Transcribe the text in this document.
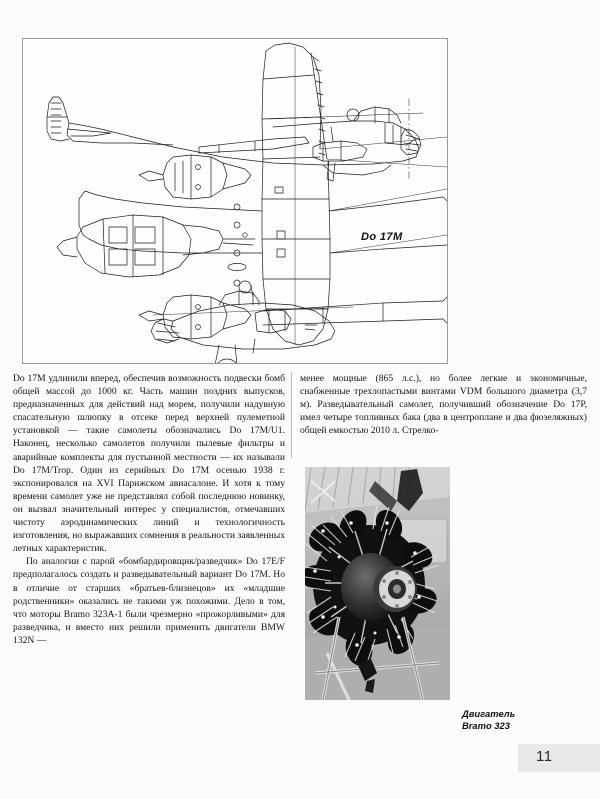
Do 17M

Do 17M удлинили вперед, обеспечив возможность подвески бомб общей массой до 1000 кг. Часть машин поздних выпусков, предназначенных для действий над морем, получили надувную спасательную шлюпку в отсеке перед верхней пулеметной установкой — такие самолеты обозначались Do 17M/U1. Наконец, несколько самолетов получили пылевые фильтры и аварийные комплекты для пустынной местности — их называли Do 17M/Trop. Один из серийных Do 17M осенью 1938 г. экспонировался на XVI Парижском авиасалоне. И хотя к тому времени самолет уже не представлял собой последнюю новинку, он вызвал значительный интерес у специалистов, отмечавших чистоту аэродинамических линий и технологичность изготовления, но выражавших сомнения в реальности заявленных летных характеристик.

По аналогии с парой «бомбардировщик/разведчик» Do 17E/F предполагалось создать и разведывательный вариант Do 17M. Но в отличие от старших «братьев-близнецов» их «младшие родственники» оказались не такими уж похожими. Дело в том, что моторы Bramo 323A-1 были чрезмерно «прожорливыми» для разведчика, и вместо них решили применить двигатели BMW 132N —

менее мощные (865 л.с.), но более легкие и экономичные, снабженные трехлопастыми винтами VDM большого диаметра (3,7 м). Разведывательный самолет, получивший обозначение Do 17P, имел четыре топливных бака (два в центроплане и два фюзеляжных) общей емкостью 2010 л. Стрелко-

Двигатель
Bramo 323
11
